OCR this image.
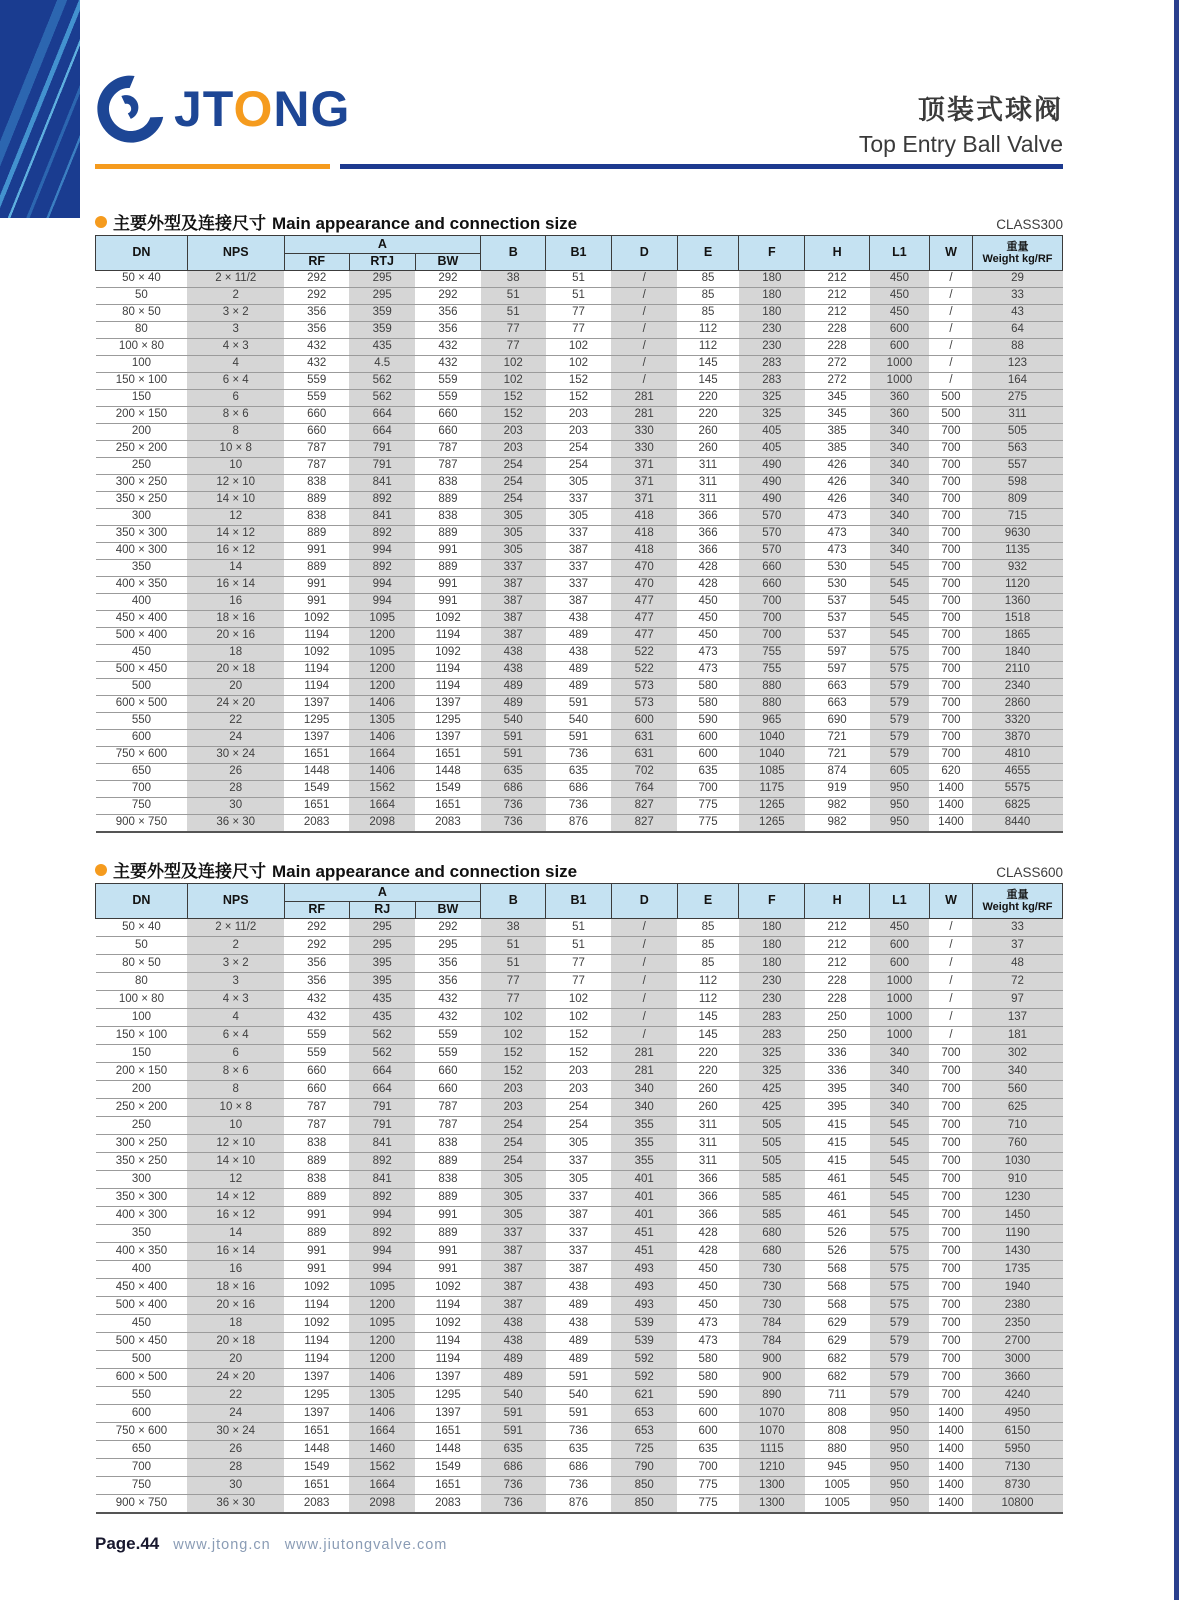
JTONG	顶装式球阀
Top Entry Ball Valve
主要外型及连接尺寸 Main appearance and connection size	CLASS300
DN	NPS	A			B	B1	D	E	F	H	L1	W	重量
Weight kg/RF

		RF	RTJ	BW									
50 × 40	2 × 11/2	292	295	292	38	51	/	85	180	212	450	/	29
50	2	292	295	292	51	51	/	85	180	212	450	/	33
80 × 50	3 × 2	356	359	356	51	77	/	85	180	212	450	/	43
80	3	356	359	356	77	77	/	112	230	228	600	/	64
100 × 80	4 × 3	432	435	432	77	102	/	112	230	228	600	/	88
100	4	432	4.5	432	102	102	/	145	283	272	1000	/	123
150 × 100	6 × 4	559	562	559	102	152	/	145	283	272	1000	/	164
150	6	559	562	559	152	152	281	220	325	345	360	500	275
200 × 150	8 × 6	660	664	660	152	203	281	220	325	345	360	500	311
200	8	660	664	660	203	203	330	260	405	385	340	700	505
250 × 200	10 × 8	787	791	787	203	254	330	260	405	385	340	700	563
250	10	787	791	787	254	254	371	311	490	426	340	700	557
300 × 250	12 × 10	838	841	838	254	305	371	311	490	426	340	700	598
350 × 250	14 × 10	889	892	889	254	337	371	311	490	426	340	700	809
300	12	838	841	838	305	305	418	366	570	473	340	700	715
350 × 300	14 × 12	889	892	889	305	337	418	366	570	473	340	700	9630
400 × 300	16 × 12	991	994	991	305	387	418	366	570	473	340	700	1135
350	14	889	892	889	337	337	470	428	660	530	545	700	932
400 × 350	16 × 14	991	994	991	387	337	470	428	660	530	545	700	1120
400	16	991	994	991	387	387	477	450	700	537	545	700	1360
450 × 400	18 × 16	1092	1095	1092	387	438	477	450	700	537	545	700	1518
500 × 400	20 × 16	1194	1200	1194	387	489	477	450	700	537	545	700	1865
450	18	1092	1095	1092	438	438	522	473	755	597	575	700	1840
500 × 450	20 × 18	1194	1200	1194	438	489	522	473	755	597	575	700	2110
500	20	1194	1200	1194	489	489	573	580	880	663	579	700	2340
600 × 500	24 × 20	1397	1406	1397	489	591	573	580	880	663	579	700	2860
550	22	1295	1305	1295	540	540	600	590	965	690	579	700	3320
600	24	1397	1406	1397	591	591	631	600	1040	721	579	700	3870
750 × 600	30 × 24	1651	1664	1651	591	736	631	600	1040	721	579	700	4810
650	26	1448	1406	1448	635	635	702	635	1085	874	605	620	4655
700	28	1549	1562	1549	686	686	764	700	1175	919	950	1400	5575
750	30	1651	1664	1651	736	736	827	775	1265	982	950	1400	6825
900 × 750	36 × 30	2083	2098	2083	736	876	827	775	1265	982	950	1400	8440
主要外型及连接尺寸 Main appearance and connection size	CLASS600
DN	NPS	A			B	B1	D	E	F	H	L1	W	重量
Weight kg/RF

		RF	RJ	BW									
50 × 40	2 × 11/2	292	295	292	38	51	/	85	180	212	450	/	33
50	2	292	295	295	51	51	/	85	180	212	600	/	37
80 × 50	3 × 2	356	395	356	51	77	/	85	180	212	600	/	48
80	3	356	395	356	77	77	/	112	230	228	1000	/	72
100 × 80	4 × 3	432	435	432	77	102	/	112	230	228	1000	/	97
100	4	432	435	432	102	102	/	145	283	250	1000	/	137
150 × 100	6 × 4	559	562	559	102	152	/	145	283	250	1000	/	181
150	6	559	562	559	152	152	281	220	325	336	340	700	302
200 × 150	8 × 6	660	664	660	152	203	281	220	325	336	340	700	340
200	8	660	664	660	203	203	340	260	425	395	340	700	560
250 × 200	10 × 8	787	791	787	203	254	340	260	425	395	340	700	625
250	10	787	791	787	254	254	355	311	505	415	545	700	710
300 × 250	12 × 10	838	841	838	254	305	355	311	505	415	545	700	760
350 × 250	14 × 10	889	892	889	254	337	355	311	505	415	545	700	1030
300	12	838	841	838	305	305	401	366	585	461	545	700	910
350 × 300	14 × 12	889	892	889	305	337	401	366	585	461	545	700	1230
400 × 300	16 × 12	991	994	991	305	387	401	366	585	461	545	700	1450
350	14	889	892	889	337	337	451	428	680	526	575	700	1190
400 × 350	16 × 14	991	994	991	387	337	451	428	680	526	575	700	1430
400	16	991	994	991	387	387	493	450	730	568	575	700	1735
450 × 400	18 × 16	1092	1095	1092	387	438	493	450	730	568	575	700	1940
500 × 400	20 × 16	1194	1200	1194	387	489	493	450	730	568	575	700	2380
450	18	1092	1095	1092	438	438	539	473	784	629	579	700	2350
500 × 450	20 × 18	1194	1200	1194	438	489	539	473	784	629	579	700	2700
500	20	1194	1200	1194	489	489	592	580	900	682	579	700	3000
600 × 500	24 × 20	1397	1406	1397	489	591	592	580	900	682	579	700	3660
550	22	1295	1305	1295	540	540	621	590	890	711	579	700	4240
600	24	1397	1406	1397	591	591	653	600	1070	808	950	1400	4950
750 × 600	30 × 24	1651	1664	1651	591	736	653	600	1070	808	950	1400	6150
650	26	1448	1460	1448	635	635	725	635	1115	880	950	1400	5950
700	28	1549	1562	1549	686	686	790	700	1210	945	950	1400	7130
750	30	1651	1664	1651	736	736	850	775	1300	1005	950	1400	8730
900 × 750	36 × 30	2083	2098	2083	736	876	850	775	1300	1005	950	1400	10800
Page.44 www.jtong.cn www.jiutongvalve.com
